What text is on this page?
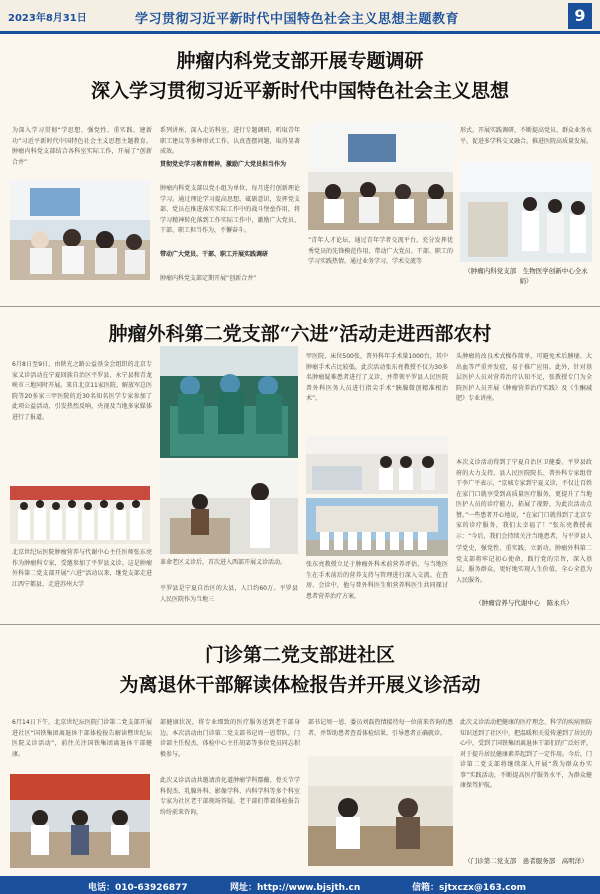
2023年8月31日	学习贯彻习近平新时代中国特色社会主义思想主题教育	9
肿瘤内科党支部开展专题调研
深入学习贯彻习近平新时代中国特色社会主义思想
为深入学习贯彻“学思想、强党性、重实践、建新功”习近平新时代中国特色社会主义思想主题教育，肿瘤内科党支部结合各科室实际工作，开展了“创新合并”
系列讲座，深入走访科室，进行专题调研，听取青年职工建议等多种形式工作，认真查摆问题，取得显著成效。
贯彻党史学习教育精神，激励广大党员担当作为
肿瘤内科党支部以党小组为单位，每月进行创新理论学习。通过理论学习提高思想，砥砺意识，发挥党支部、党员在推进落实实际工作中的战斗堡垒作用，将学习精神转化落到工作实际工作中，激励广大党员、干部、职工担当作为，不懈奋斗。
带动广大党员、干部、职工开展实践调研
肿瘤内科党支部定期开展“创新合并”
”青年人才论坛，通过青年学者交流平台，充分发挥优秀党员的先锋模范作用，带动广大党员、干部、职工的学习实践热情。通过业务学习，学术交流等
形式，开展实践调研，不断提高党员、群众业务水平，促进多学科交叉融合，推进医院高质量发展。
（肿瘤内科党支部　生物医学创新中心全永娟）
肿瘤外科第二党支部“六进”活动走进西部农村
6月8日至9日，由陕光之路公益基金会组织的北京专家义诊活动在宁夏回族自治区平罗县、永宁县和青龙峡市三地同时开展。来自北京11家医院、解放军总医院等20多家三甲医院的近30名知名医学专家参加了此项公益活动，引发热烈反响，央视及当地多家媒体进行了报道。
北京世纪坛医院肿瘤营养与代谢中心主任医师张东亮作为肿瘤科专家，受邀参加了平罗县义诊。这是肿瘤外科第二党支部开展“六进”活动以来，继党支部走进江西宁都县、走进苏州大学
革命老区义诊后，首次进入西部开展义诊活动。
平罗县是宁夏自治区的大县，人口约60万。平罗县人民医院作为当地三
甲医院，床位500张，普外科年手术量1000台，其中肿瘤手术占比较低。此次活动张东亮教授不仅为30多名肿瘤疑难患者进行了义诊，并带领平罗县人民医院普外科医务人员进行指尖手术“胰腺微创精准根治术”。
张东亮教授立足于肿瘤外科术前营养评估，与当地医生在手术前后的营养支持与管理进行深入交流。在查房、会诊中，他与普外科医生和营养科医生共同探讨患者营养治疗方案，
头肿瘤的改良术式操作简单，可避免术后胰瘘、大出血等严重并发症，易于推广应用。此外，针对基层医护人员对营养治疗认知不足，张教授专门为全院医护人员开展《肿瘤营养治疗实践》及《生酮减肥》专业讲座。
本次义诊活动得到了宁夏自治区卫健委、平罗县政府的大力支持。县人民医院院长、普外科专家组骨干李广平表示，“京城专家到宁夏义诊，不仅让百姓在家门口就享受到高质量医疗服务，更提升了当地医护人员的诊疗能力，拓展了视野，为此次活动点赞。”一些患者开心地说，“在家门口就得到了北京专家的诊疗服务，我们太幸福了！”张东亮教授表示：“今后，我们会持续关注当地患者，与平罗县人
学党史，强党性、重实践、立新功。肿瘤外科第二党支部将牢记初心使命，践行党的宗旨，深入基层，服务群众，更好地实现人生价值，全心全意为人民服务。
（肿瘤营养与代谢中心　陈永兵）
门诊第二党支部进社区
为离退休干部解读体检报告并开展义诊活动
6月14日下午，北京世纪坛医院门诊第二党支部开展进社区“国铁集团离退休干部体检报告解读暨世纪坛医院义诊活动”，前往关注国铁集团离退休干部健康。
部健康状况，将专业细致的医疗服务送到老干部身边。本次活动由门诊第二党支部书记周一恩带队，门诊部主任倪杰、体检中心主任胡宓等多位党员同志积极参与。
此次义诊活动共邀请消化道肿瘤学科鄢蘅、骨关节学科倪杰、乳腺外科、影像学科、内科学科等多个科室专家为社区老干部现场答疑。老干部们带着体检报告纷纷前来咨询，
部书记周一恩、委员刘磊热情接待每一位前来咨询的患者，并帮助患者查看体检结果，引导患者正确就诊。
此次义诊活动把健康的医疗理念、科学的疾病预防知识送到了社区中，把温暖和关爱传递到了居民的心中，受到了国铁集团离退休干部们的广泛好评，对于提升居民健康素养起到了一定作用。今后，门诊第二党支部将继续深入开展“我为群众办实事”实践活动，不断提高医疗服务水平，为群众健康保驾护航。
（门诊第二党支部　患者服务部　高明洋）
电话：010-63926877	网址：http://www.bjsjth.cn	信箱：sjtxczx@163.com
